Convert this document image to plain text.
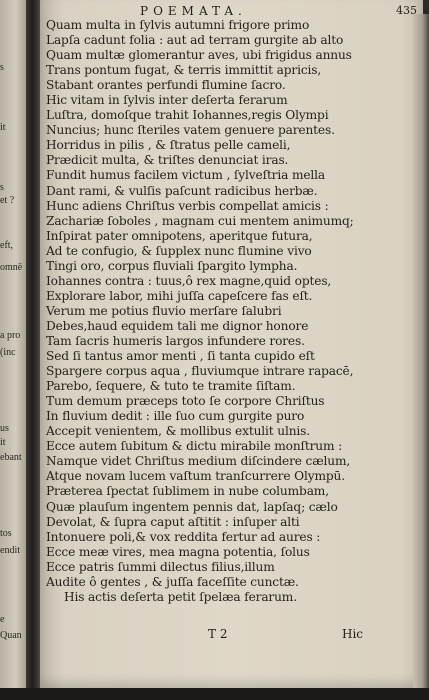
s
it
s
et ?
eft,
omnē
a pro
(inc
us
it
ebant
tos
endit
e
Quan
POEMATA.	435
Quam multa in ſylvis autumni frigore primo
Lapſa cadunt folia : aut ad terram gurgite ab alto
Quam multæ glomerantur aves, ubi frigidus annus
Trans pontum fugat, & terris immittit apricis,
Stabant orantes perfundi flumine ſacro.
Hic vitam in ſylvis inter deſerta ferarum
Luſtra, domoſque trahit Iohannes,regis Olympi
Nuncius; hunc ſteriles vatem genuere parentes.
Horridus in pilis , & ſtratus pelle cameli,
Prædicit multa, & triſtes denunciat iras.
Fundit humus facilem victum , ſylveſtria mella
Dant rami, & vulſis paſcunt radicibus herbæ.
Hunc adiens Chriſtus verbis compellat amicis :
Zachariæ ſoboles , magnam cui mentem animumq;
Inſpirat pater omnipotens, aperitque futura,
Ad te confugio, & ſupplex nunc flumine vivo
Tingi oro, corpus fluviali ſpargito lympha.
Iohannes contra : tuus,ô rex magne,quid optes,
Explorare labor, mihi juſſa capeſcere fas eſt.
Verum me potius fluvio merſare ſalubri
Debes,haud equidem tali me dignor honore
Tam ſacris humeris largos infundere rores.
Sed ſi tantus amor menti , ſi tanta cupido eſt
Spargere corpus aqua , fluviumque intrare rapacē,
Parebo, ſequere, & tuto te tramite ſiſtam.
Tum demum præceps toto ſe corpore Chriſtus
In fluvium dedit : ille ſuo cum gurgite puro
Accepit venientem, & mollibus extulit ulnis.
Ecce autem ſubitum & dictu mirabile monſtrum :
Namque videt Chriſtus medium diſcindere cælum,
Atque novam lucem vaſtum tranſcurrere Olympū.
Præterea ſpectat ſublimem in nube columbam,
Quæ plauſum ingentem pennis dat, lapſaq; cælo
Devolat, & ſupra caput aſtitit : inſuper alti
Intonuere poli,& vox reddita fertur ad aures :
Ecce meæ vires, mea magna potentia, ſolus
Ecce patris ſummi dilectus filius,illum
Audite ô gentes , & juſſa faceſſite cunctæ.
His actis deſerta petit ſpelæa ferarum.
T 2	Hic
